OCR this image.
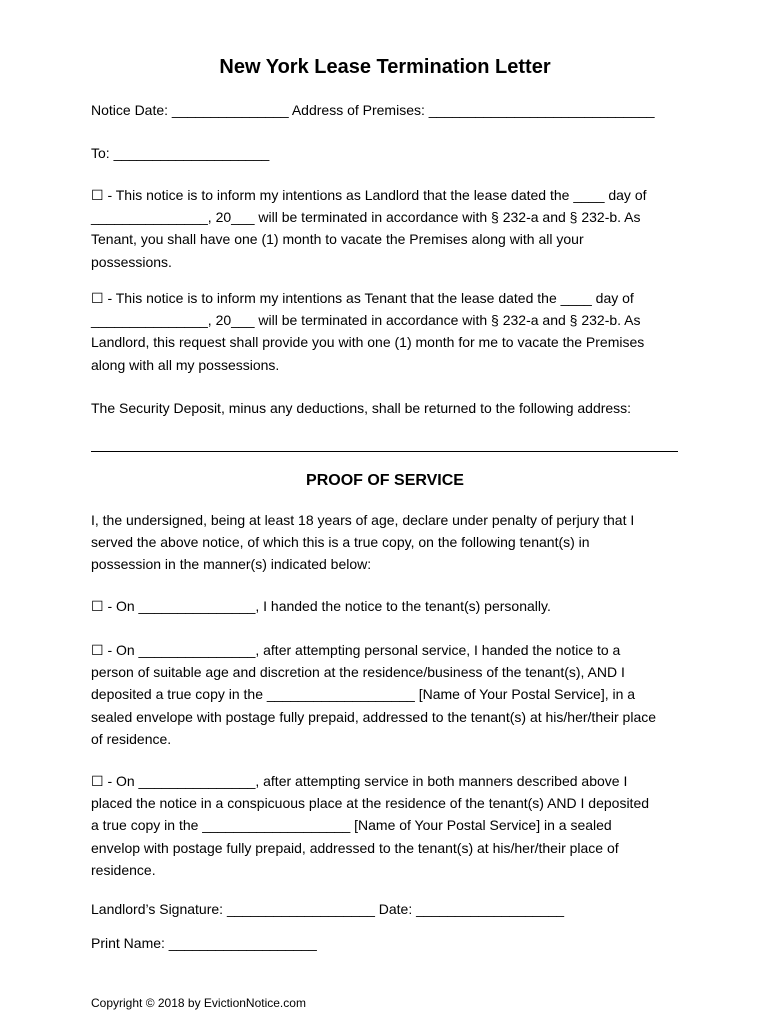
New York Lease Termination Letter
Notice Date: _______________ Address of Premises: _____________________________
To: ____________________
☐ - This notice is to inform my intentions as Landlord that the lease dated the ____ day of
_______________, 20___ will be terminated in accordance with § 232-a and § 232-b. As
Tenant, you shall have one (1) month to vacate the Premises along with all your
possessions.
☐ - This notice is to inform my intentions as Tenant that the lease dated the ____ day of
_______________, 20___ will be terminated in accordance with § 232-a and § 232-b. As
Landlord, this request shall provide you with one (1) month for me to vacate the Premises
along with all my possessions.
The Security Deposit, minus any deductions, shall be returned to the following address:
PROOF OF SERVICE
I, the undersigned, being at least 18 years of age, declare under penalty of perjury that I
served the above notice, of which this is a true copy, on the following tenant(s) in
possession in the manner(s) indicated below:
☐ - On _______________, I handed the notice to the tenant(s) personally.
☐ - On _______________, after attempting personal service, I handed the notice to a
person of suitable age and discretion at the residence/business of the tenant(s), AND I
deposited a true copy in the ___________________ [Name of Your Postal Service], in a
sealed envelope with postage fully prepaid, addressed to the tenant(s) at his/her/their place
of residence.
☐ - On _______________, after attempting service in both manners described above I
placed the notice in a conspicuous place at the residence of the tenant(s) AND I deposited
a true copy in the ___________________ [Name of Your Postal Service] in a sealed
envelop with postage fully prepaid, addressed to the tenant(s) at his/her/their place of
residence.
Landlord’s Signature: ___________________ Date: ___________________
Print Name: ___________________
Copyright © 2018 by EvictionNotice.com
